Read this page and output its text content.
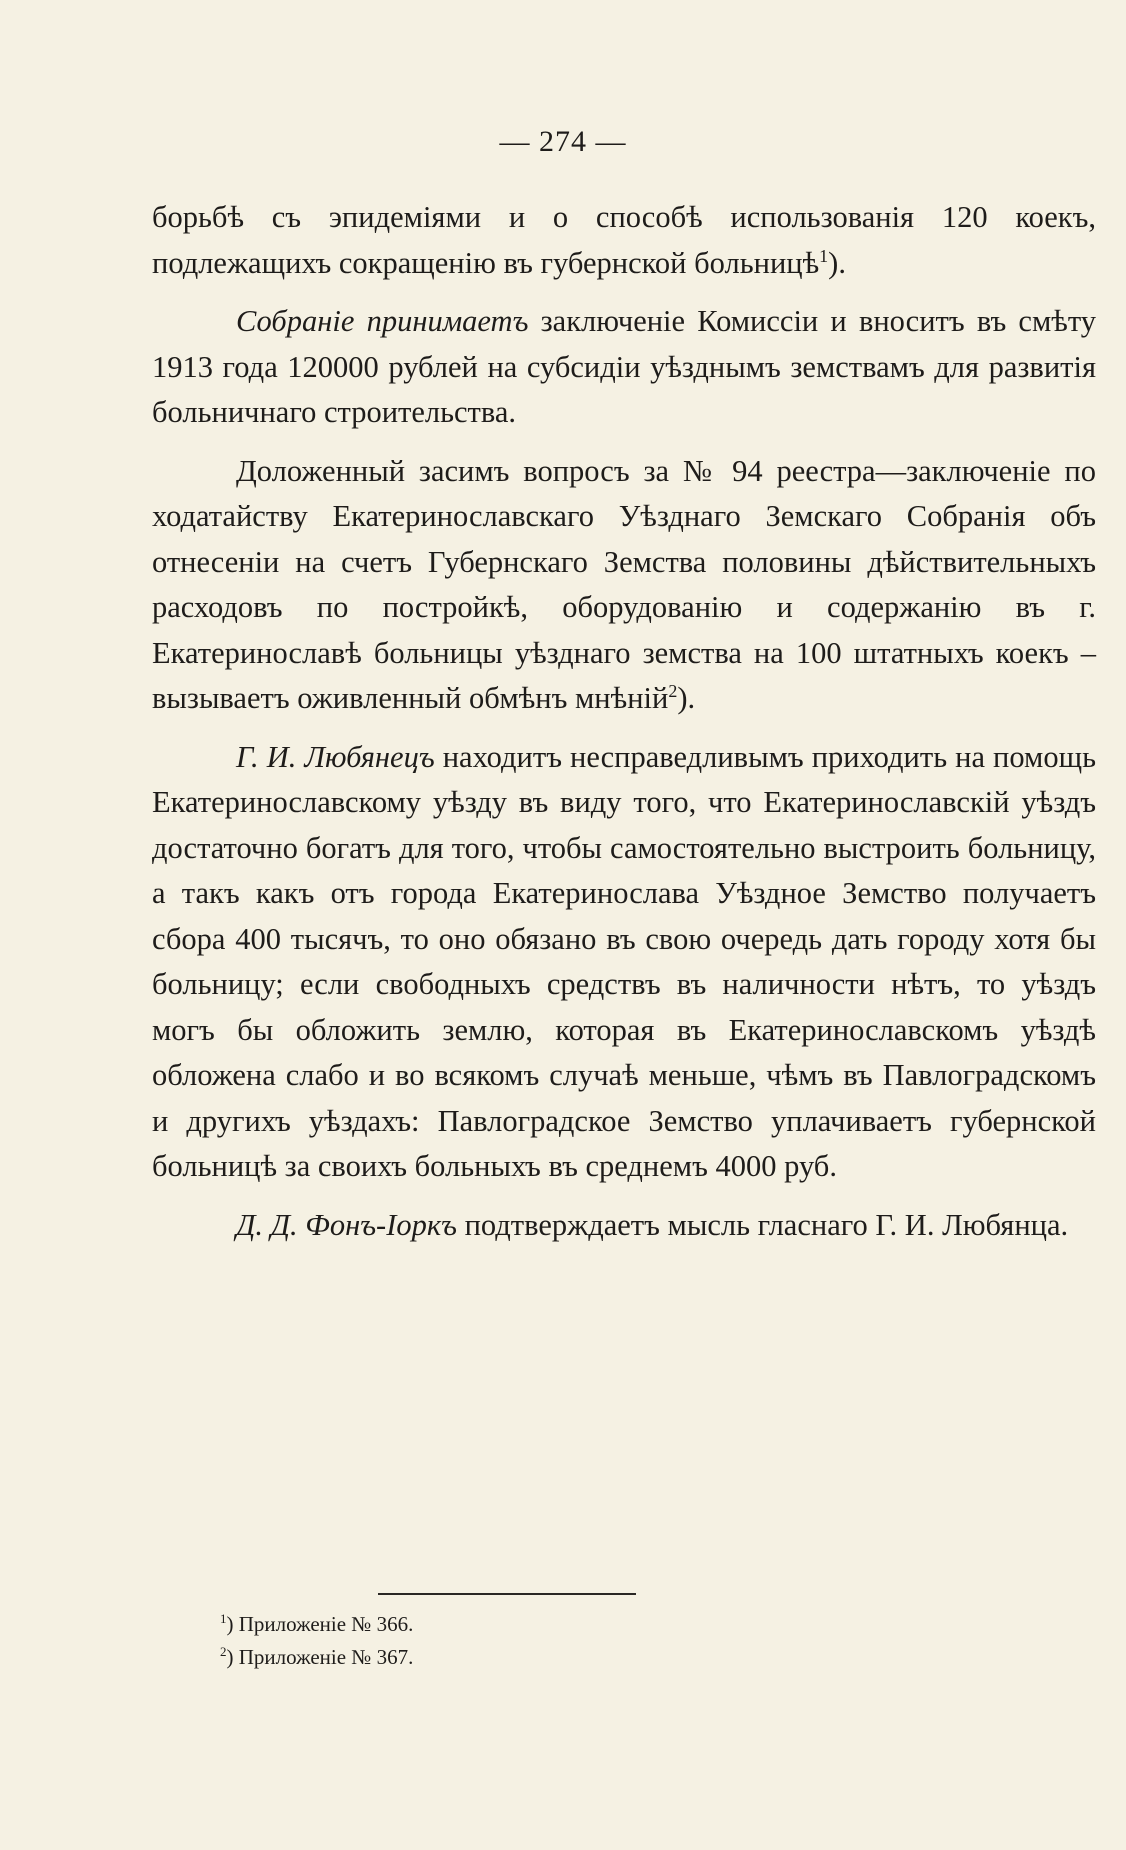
— 274 —

борьбѣ съ эпидеміями и о способѣ использованія 120 коекъ, подлежащихъ сокращенію въ губернской больницѣ$^1$).

Собраніе принимаетъ заключеніе Комиссіи и вноситъ въ смѣту 1913 года 120000 рублей на субсидіи уѣзднымъ земствамъ для развитія больничнаго строительства.

Доложенный засимъ вопросъ за № 94 реестра—заключеніе по ходатайству Екатеринославскаго Уѣзднаго Земскаго Собранія объ отнесеніи на счетъ Губернскаго Земства половины дѣйствительныхъ расходовъ по постройкѣ, оборудованію и содержанію въ г. Екатеринославѣ больницы уѣзднаго земства на 100 штатныхъ коекъ – вызываетъ оживленный обмѣнъ мнѣній$^2$).

Г. И. Любянецъ находитъ несправедливымъ приходить на помощь Екатеринославскому уѣзду въ виду того, что Екатеринославскій уѣздъ достаточно богатъ для того, чтобы самостоятельно выстроить больницу, а такъ какъ отъ города Екатеринослава Уѣздное Земство получаетъ сбора 400 тысячъ, то оно обязано въ свою очередь дать городу хотя бы больницу; если свободныхъ средствъ въ наличности нѣтъ, то уѣздъ могъ бы обложить землю, которая въ Екатеринославскомъ уѣздѣ обложена слабо и во всякомъ случаѣ меньше, чѣмъ въ Павлоградскомъ и другихъ уѣздахъ: Павлоградское Земство уплачиваетъ губернской больницѣ за своихъ больныхъ въ среднемъ 4000 руб.

Д. Д. Фонъ-Іоркъ подтверждаетъ мысль гласнаго Г. И. Любянца.

$^1$) Приложеніе № 366.
$^2$) Приложеніе № 367.
